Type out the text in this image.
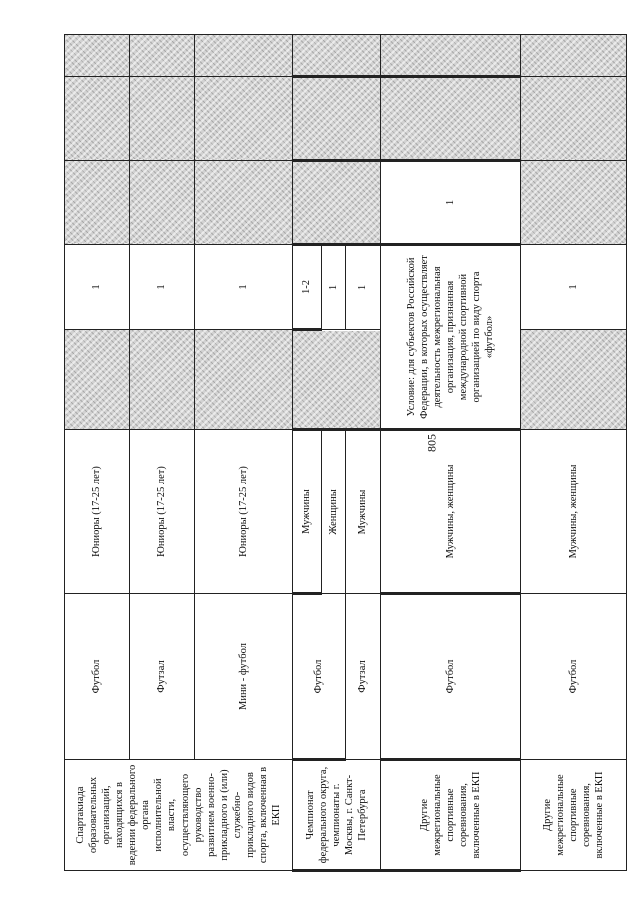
805
Спартакиада образовательных организаций, находящихся в ведении федерального органа исполнительной власти, осуществляющего руководство развитием военно-прикладного и (или) служебно-прикладного видов спорта, включенная в ЕКП	Футбол	Юниоры (17-25 лет)		1			
	Футзал	Юниоры (17-25 лет)		1			
	Мини - футбол	Юниоры (17-25 лет)		1			
Чемпионат федерального округа, чемпионаты г. Москвы, г. Санкт-Петербурга	Футбол	Мужчины		1-2			
		Женщины		1			
	Футзал	Мужчины		1			
Другие межрегиональные спортивные соревнования, включенные в ЕКП	Футбол	Мужчины, женщины	Условие: для субъектов Российской Федерации, в которых осуществляет деятельность межрегиональная организация, признанная международной спортивной организацией по виду спорта «футбол»		1		
Другие межрегиональные спортивные соревнования, включенные в ЕКП	Футбол	Мужчины, женщины		1			
